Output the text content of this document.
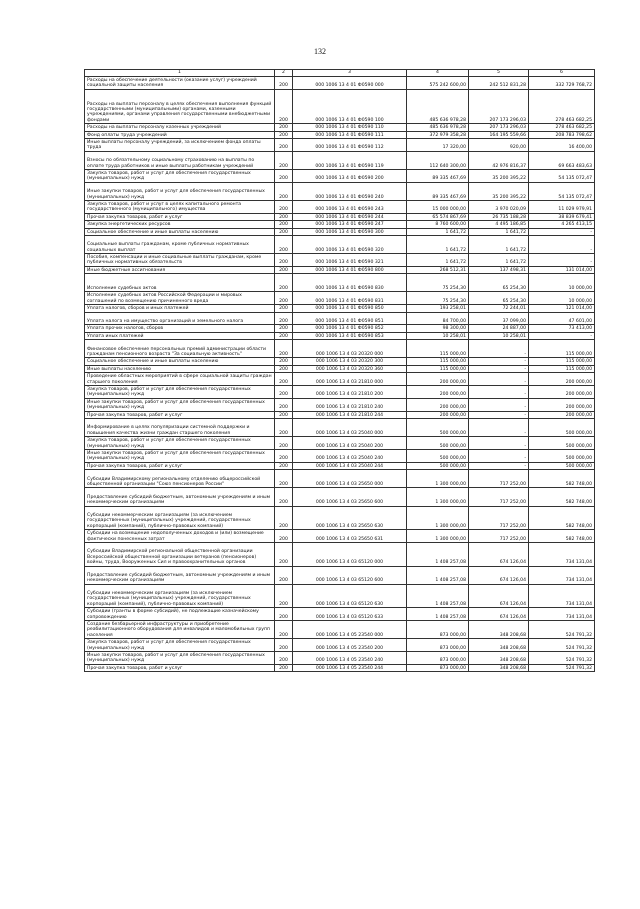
132
1	2	3	4	5	6
Расходы на обеспечение деятельности (оказание услуг) учреждений социальной защиты населения	200	000 1006 13 4 01 Ф0590 000	575 242 600,00	242 512 831,28	332 729 768,72
Расходы на выплаты персоналу в целях обеспечения выполнения функций государственными (муниципальными) органами, казенными учреждениями, органами управления государственными внебюджетными фондами	200	000 1006 13 4 01 Ф0590 100	485 636 978,28	207 173 296,03	278 463 682,25
Расходы на выплаты персоналу казенных учреждений	200	000 1006 13 4 01 Ф0590 110	485 636 978,28	207 173 296,03	278 463 682,25
Фонд оплаты труда учреждений	200	000 1006 13 4 01 Ф0590 111	372 979 358,28	164 195 559,66	208 783 798,62
Иные выплаты персоналу учреждений, за исключением фонда оплаты труда	200	000 1006 13 4 01 Ф0590 112	17 320,00	920,00	16 400,00
Взносы по обязательному социальному страхованию на выплаты по оплате труда работников и иные выплаты работникам учреждений	200	000 1006 13 4 01 Ф0590 119	112 640 300,00	42 976 816,37	69 663 483,63
Закупка товаров, работ и услуг для обеспечения государственных (муниципальных) нужд	200	000 1006 13 4 01 Ф0590 200	89 335 467,69	35 200 395,22	54 135 072,47
Иные закупки товаров, работ и услуг для обеспечения государственных (муниципальных) нужд	200	000 1006 13 4 01 Ф0590 240	89 335 467,69	35 200 395,22	54 135 072,47
Закупка товаров, работ и услуг в целях капитального ремонта государственного (муниципального) имущества	200	000 1006 13 4 01 Ф0590 243	15 000 000,00	3 970 020,09	11 029 979,91
Прочая закупка товаров, работ и услуг	200	000 1006 13 4 01 Ф0590 244	65 574 867,69	26 735 188,28	38 839 679,41
Закупка энергетических ресурсов	200	000 1006 13 4 01 Ф0590 247	8 760 600,00	4 495 186,85	4 265 413,15
Социальное обеспечение и иные выплаты населению	200	000 1006 13 4 01 Ф0590 300	1 641,72	1 641,72	-
Социальные выплаты гражданам, кроме публичных нормативных социальных выплат	200	000 1006 13 4 01 Ф0590 320	1 641,72	1 641,72	-
Пособия, компенсации и иные социальные выплаты гражданам, кроме публичных нормативных обязательств	200	000 1006 13 4 01 Ф0590 321	1 641,72	1 641,72	-
Иные бюджетные ассигнования	200	000 1006 13 4 01 Ф0590 800	268 512,31	137 498,31	131 014,00
Исполнение судебных актов	200	000 1006 13 4 01 Ф0590 830	75 254,30	65 254,30	10 000,00
Исполнение судебных актов Российской Федерации и мировых соглашений по возмещению причиненного вреда	200	000 1006 13 4 01 Ф0590 831	75 254,30	65 254,30	10 000,00
Уплата налогов, сборов и иных платежей	200	000 1006 13 4 01 Ф0590 850	193 258,01	72 244,01	121 014,00
Уплата налога на имущество организаций и земельного налога	200	000 1006 13 4 01 Ф0590 851	84 700,00	37 099,00	47 601,00
Уплата прочих налогов, сборов	200	000 1006 13 4 01 Ф0590 852	98 300,00	24 887,00	73 413,00
Уплата иных платежей	200	000 1006 13 4 01 Ф0590 853	10 258,01	10 258,01	-
Финансовое обеспечение персональных премий администрации области гражданам пенсионного возраста "За социальную активность"	200	000 1006 13 4 03 20320 000	115 000,00	-	115 000,00
Социальное обеспечение и иные выплаты населению	200	000 1006 13 4 03 20320 300	115 000,00	-	115 000,00
Иные выплаты населению	200	000 1006 13 4 03 20320 360	115 000,00	-	115 000,00
Проведение областных мероприятий в сфере социальной защиты граждан старшего поколения	200	000 1006 13 4 03 21810 000	200 000,00	-	200 000,00
Закупка товаров, работ и услуг для обеспечения государственных (муниципальных) нужд	200	000 1006 13 4 03 21810 200	200 000,00	-	200 000,00
Иные закупки товаров, работ и услуг для обеспечения государственных (муниципальных) нужд	200	000 1006 13 4 03 21810 240	200 000,00	-	200 000,00
Прочая закупка товаров, работ и услуг	200	000 1006 13 4 03 21810 244	200 000,00	-	200 000,00
Информирование в целях популяризации системной поддержки и повышения качества жизни граждан старшего поколения	200	000 1006 13 4 03 25040 000	500 000,00	-	500 000,00
Закупка товаров, работ и услуг для обеспечения государственных (муниципальных) нужд	200	000 1006 13 4 03 25040 200	500 000,00	-	500 000,00
Иные закупки товаров, работ и услуг для обеспечения государственных (муниципальных) нужд	200	000 1006 13 4 03 25040 240	500 000,00	-	500 000,00
Прочая закупка товаров, работ и услуг	200	000 1006 13 4 03 25040 244	500 000,00	-	500 000,00
Субсидии Владимирскому региональному отделению общероссийской общественной организации "Союз пенсионеров России"	200	000 1006 13 4 03 25650 000	1 300 000,00	717 252,00	582 748,00
Предоставление субсидий бюджетным, автономным учреждениям и иным некоммерческим организациям	200	000 1006 13 4 03 25650 600	1 300 000,00	717 252,00	582 748,00
Субсидии некоммерческим организациям (за исключением государственных (муниципальных) учреждений, государственных корпораций (компаний), публично-правовых компаний)	200	000 1006 13 4 03 25650 630	1 300 000,00	717 252,00	582 748,00
Субсидии на возмещение недополученных доходов и (или) возмещение фактически понесенных затрат	200	000 1006 13 4 03 25650 631	1 300 000,00	717 252,00	582 748,00
Субсидии Владимирской региональной общественной организации Всероссийской общественной организации ветеранов (пенсионеров) войны, труда, Вооруженных Сил и правоохранительных органов	200	000 1006 13 4 03 65120 000	1 408 257,08	674 126,04	734 131,04
Предоставление субсидий бюджетным, автономным учреждениям и иным некоммерческим организациям	200	000 1006 13 4 03 65120 600	1 408 257,08	674 126,04	734 131,04
Субсидии некоммерческим организациям (за исключением государственных (муниципальных) учреждений, государственных корпораций (компаний), публично-правовых компаний)	200	000 1006 13 4 03 65120 630	1 408 257,08	674 126,04	734 131,04
Субсидии (гранты в форме субсидий), не подлежащие казначейскому сопровождению	200	000 1006 13 4 03 65120 633	1 408 257,08	674 126,04	734 131,04
Создание безбарьерной инфраструктуры и приобретение реабилитационного оборудования для инвалидов и маломобильных групп населения	200	000 1006 13 4 05 23540 000	873 000,00	348 208,68	524 791,32
Закупка товаров, работ и услуг для обеспечения государственных (муниципальных) нужд	200	000 1006 13 4 05 23540 200	873 000,00	348 208,68	524 791,32
Иные закупки товаров, работ и услуг для обеспечения государственных (муниципальных) нужд	200	000 1006 13 4 05 23540 240	873 000,00	348 208,68	524 791,32
Прочая закупка товаров, работ и услуг	200	000 1006 13 4 05 23540 244	873 000,00	348 208,68	524 791,32
